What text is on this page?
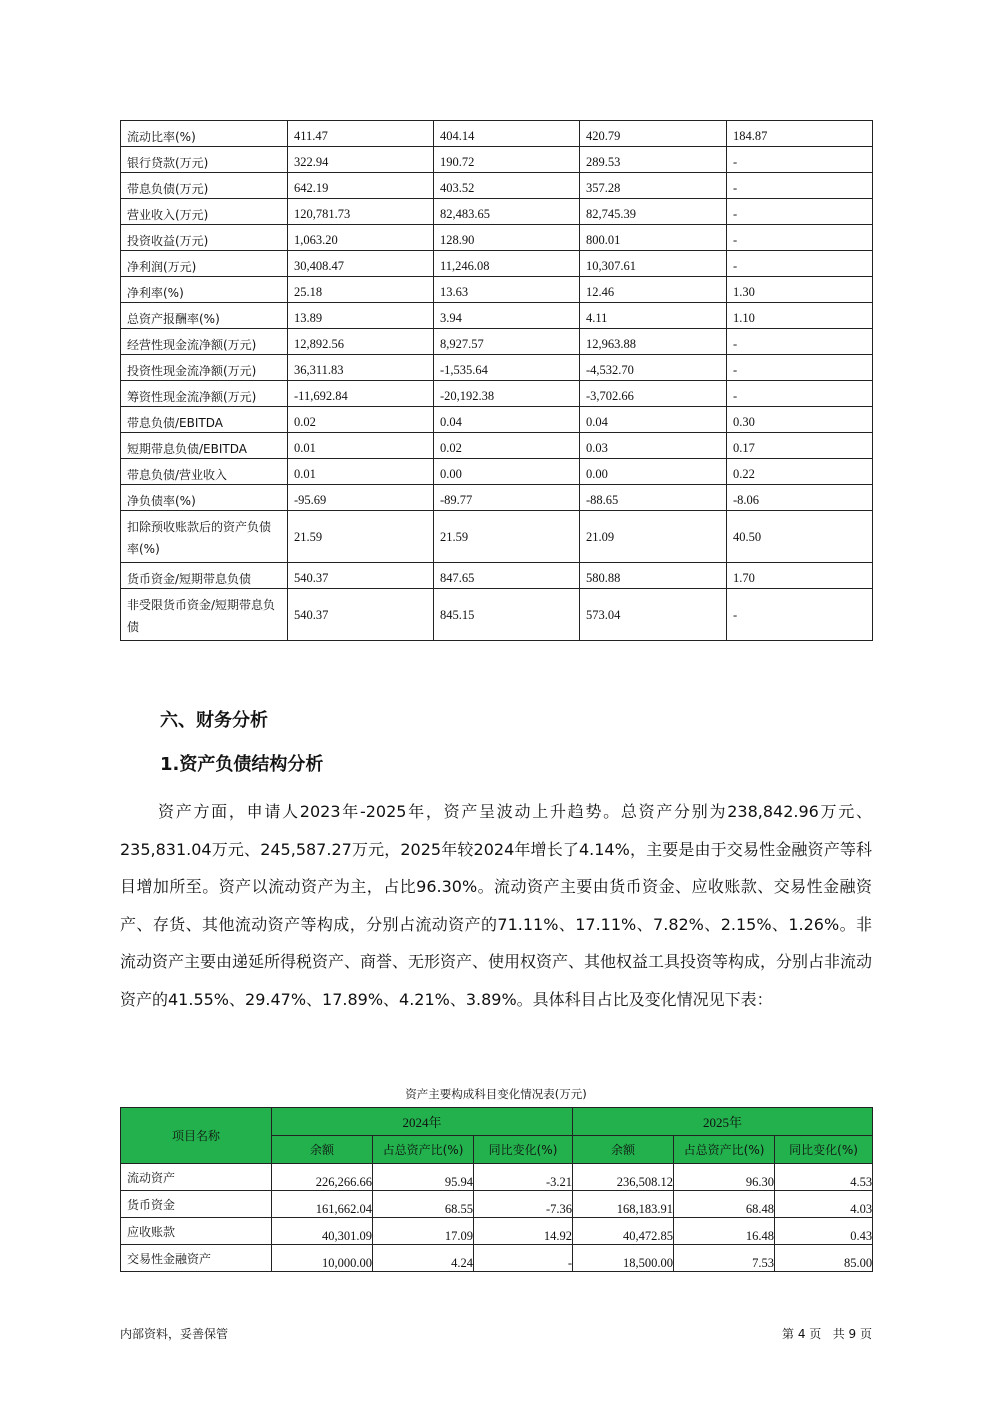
流动比率(%)	411.47	404.14	420.79	184.87
银行贷款(万元)	322.94	190.72	289.53	-
带息负债(万元)	642.19	403.52	357.28	-
营业收入(万元)	120,781.73	82,483.65	82,745.39	-
投资收益(万元)	1,063.20	128.90	800.01	-
净利润(万元)	30,408.47	11,246.08	10,307.61	-
净利率(%)	25.18	13.63	12.46	1.30
总资产报酬率(%)	13.89	3.94	4.11	1.10
经营性现金流净额(万元)	12,892.56	8,927.57	12,963.88	-
投资性现金流净额(万元)	36,311.83	-1,535.64	-4,532.70	-
筹资性现金流净额(万元)	-11,692.84	-20,192.38	-3,702.66	-
带息负债/EBITDA	0.02	0.04	0.04	0.30
短期带息负债/EBITDA	0.01	0.02	0.03	0.17
带息负债/营业收入	0.01	0.00	0.00	0.22
净负债率(%)	-95.69	-89.77	-88.65	-8.06
扣除预收账款后的资产负债率(%)	21.59	21.59	21.09	40.50
货币资金/短期带息负债	540.37	847.65	580.88	1.70
非受限货币资金/短期带息负债	540.37	845.15	573.04	-
六、财务分析
1.资产负债结构分析

资产方面，申请人2023年-2025年，资产呈波动上升趋势。总资产分别为238,842.96万元、235,831.04万元、245,587.27万元，2025年较2024年增长了4.14%，主要是由于交易性金融资产等科目增加所至。资产以流动资产为主，占比96.30%。流动资产主要由货币资金、应收账款、交易性金融资产、存货、其他流动资产等构成，分别占流动资产的71.11%、17.11%、7.82%、2.15%、1.26%。非流动资产主要由递延所得税资产、商誉、无形资产、使用权资产、其他权益工具投资等构成，分别占非流动资产的41.55%、29.47%、17.89%、4.21%、3.89%。具体科目占比及变化情况见下表：

资产主要构成科目变化情况表(万元)
项目名称	2024年			2025年		
	余额	占总资产比(%)	同比变化(%)	余额	占总资产比(%)	同比变化(%)
流动资产	226,266.66	95.94	-3.21	236,508.12	96.30	4.53
货币资金	161,662.04	68.55	-7.36	168,183.91	68.48	4.03
应收账款	40,301.09	17.09	14.92	40,472.85	16.48	0.43
交易性金融资产	10,000.00	4.24	-	18,500.00	7.53	85.00
内部资料，妥善保管	第 4 页   共 9 页
